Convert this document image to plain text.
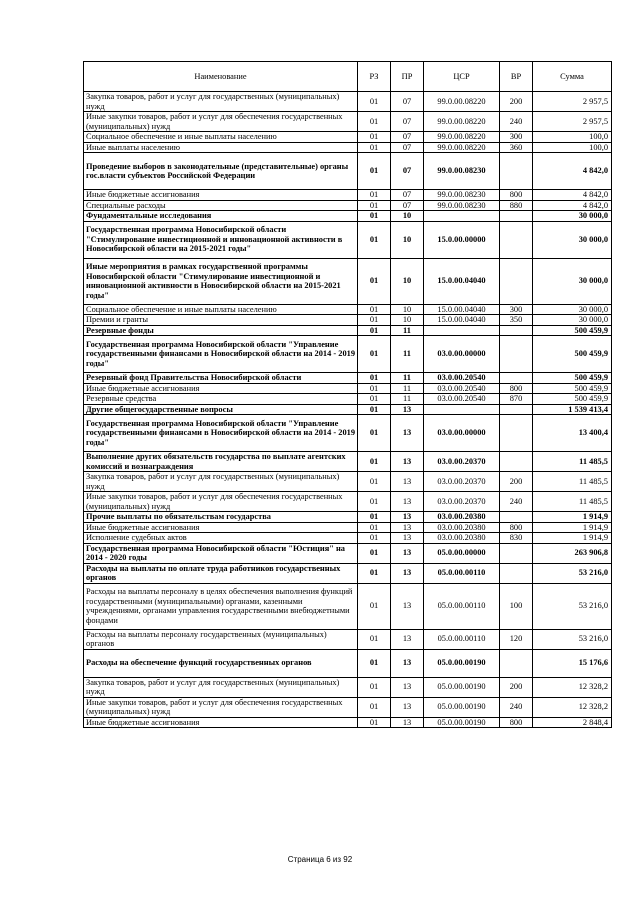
Наименование	РЗ	ПР	ЦСР	ВР	Сумма
Закупка товаров, работ и услуг для государственных (муниципальных) нужд	01	07	99.0.00.08220	200	2 957,5
Иные закупки товаров, работ и услуг для обеспечения государственных (муниципальных) нужд	01	07	99.0.00.08220	240	2 957,5
Социальное обеспечение и иные выплаты населению	01	07	99.0.00.08220	300	100,0
Иные выплаты населению	01	07	99.0.00.08220	360	100,0
Проведение выборов в законодательные (представительные) органы гос.власти субъектов Российской Федерации	01	07	99.0.00.08230		4 842,0
Иные бюджетные ассигнования	01	07	99.0.00.08230	800	4 842,0
Специальные расходы	01	07	99.0.00.08230	880	4 842,0
Фундаментальные исследования	01	10			30 000,0
Государственная программа Новосибирской области "Стимулирование инвестиционной и инновационной активности в Новосибирской области на 2015-2021 годы"	01	10	15.0.00.00000		30 000,0
Иные мероприятия в рамках государственной программы Новосибирской области "Стимулирование инвестиционной и инновационной активности в Новосибирской области на 2015-2021 годы"	01	10	15.0.00.04040		30 000,0
Социальное обеспечение и иные выплаты населению	01	10	15.0.00.04040	300	30 000,0
Премии и гранты	01	10	15.0.00.04040	350	30 000,0
Резервные фонды	01	11			500 459,9
Государственная программа Новосибирской области "Управление государственными финансами в Новосибирской области на 2014 - 2019 годы"	01	11	03.0.00.00000		500 459,9
Резервный фонд Правительства Новосибирской области	01	11	03.0.00.20540		500 459,9
Иные бюджетные ассигнования	01	11	03.0.00.20540	800	500 459,9
Резервные средства	01	11	03.0.00.20540	870	500 459,9
Другие общегосударственные вопросы	01	13			1 539 413,4
Государственная программа Новосибирской области "Управление государственными финансами в Новосибирской области на 2014 - 2019 годы"	01	13	03.0.00.00000		13 400,4
Выполнение других обязательств государства по выплате агентских комиссий и вознаграждения	01	13	03.0.00.20370		11 485,5
Закупка товаров, работ и услуг для государственных (муниципальных) нужд	01	13	03.0.00.20370	200	11 485,5
Иные закупки товаров, работ и услуг для обеспечения государственных (муниципальных) нужд	01	13	03.0.00.20370	240	11 485,5
Прочие выплаты по обязательствам государства	01	13	03.0.00.20380		1 914,9
Иные бюджетные ассигнования	01	13	03.0.00.20380	800	1 914,9
Исполнение судебных актов	01	13	03.0.00.20380	830	1 914,9
Государственная программа Новосибирской области "Юстиция" на 2014 - 2020 годы	01	13	05.0.00.00000		263 906,8
Расходы на выплаты по оплате труда работников государственных органов	01	13	05.0.00.00110		53 216,0
Расходы на выплаты персоналу в целях обеспечения выполнения функций государственными (муниципальными) органами, казенными учреждениями, органами управления государственными внебюджетными фондами	01	13	05.0.00.00110	100	53 216,0
Расходы на выплаты персоналу государственных (муниципальных) органов	01	13	05.0.00.00110	120	53 216,0
Расходы на обеспечение функций государственных органов	01	13	05.0.00.00190		15 176,6
Закупка товаров, работ и услуг для государственных (муниципальных) нужд	01	13	05.0.00.00190	200	12 328,2
Иные закупки товаров, работ и услуг для обеспечения государственных (муниципальных) нужд	01	13	05.0.00.00190	240	12 328,2
Иные бюджетные ассигнования	01	13	05.0.00.00190	800	2 848,4
Страница 6 из 92
